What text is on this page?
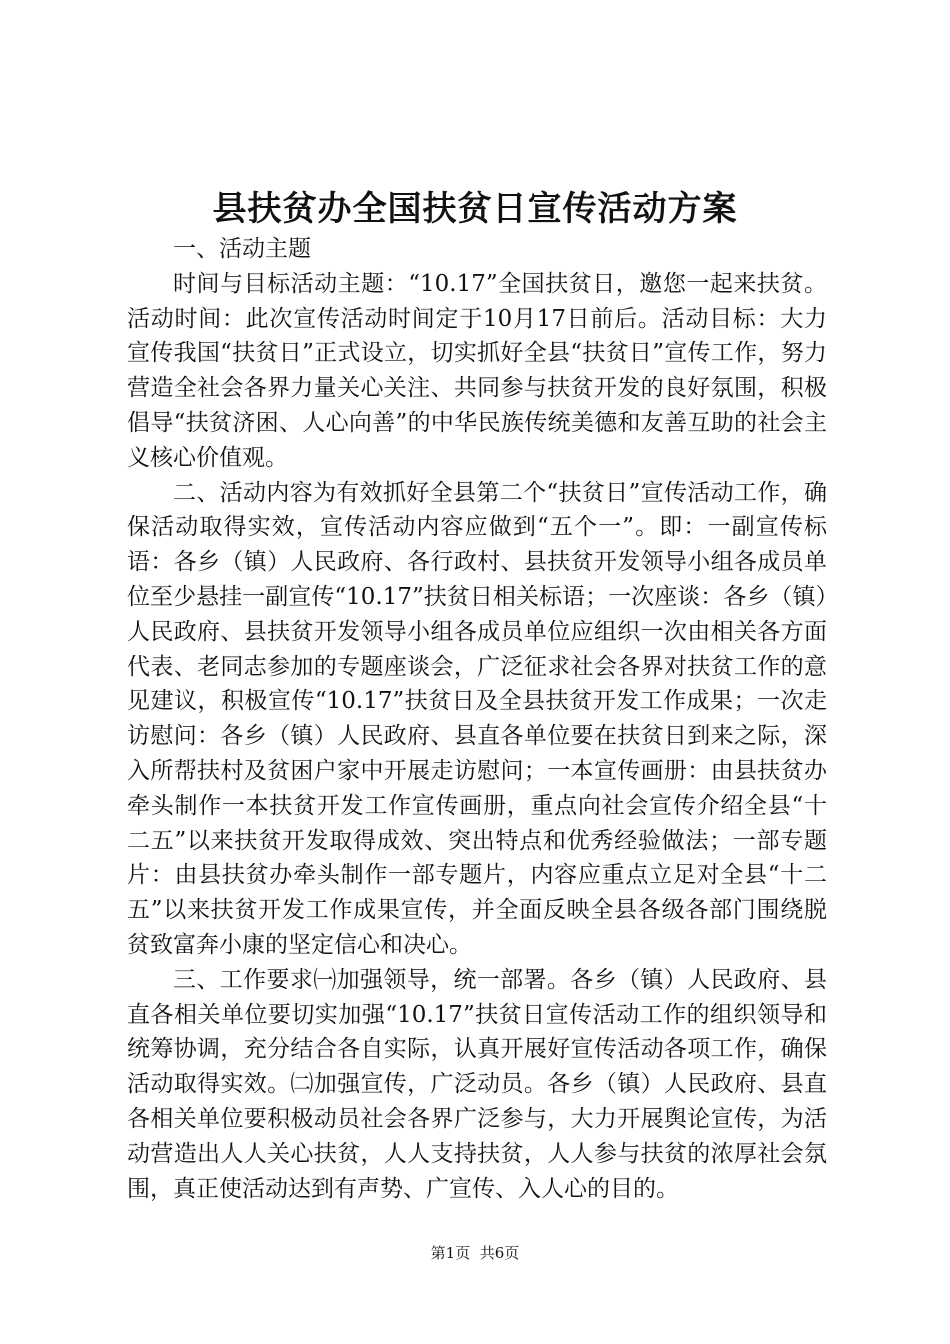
县扶贫办全国扶贫日宣传活动方案

一、活动主题

时间与目标活动主题：“10.17”全国扶贫日，邀您一起来扶贫。活动时间：此次宣传活动时间定于10月17日前后。活动目标：大力宣传我国“扶贫日”正式设立，切实抓好全县“扶贫日”宣传工作，努力营造全社会各界力量关心关注、共同参与扶贫开发的良好氛围，积极倡导“扶贫济困、人心向善”的中华民族传统美德和友善互助的社会主义核心价值观。

二、活动内容为有效抓好全县第二个“扶贫日”宣传活动工作，确保活动取得实效，宣传活动内容应做到“五个一”。即：一副宣传标语：各乡（镇）人民政府、各行政村、县扶贫开发领导小组各成员单位至少悬挂一副宣传“10.17”扶贫日相关标语；一次座谈：各乡（镇）人民政府、县扶贫开发领导小组各成员单位应组织一次由相关各方面代表、老同志参加的专题座谈会，广泛征求社会各界对扶贫工作的意见建议，积极宣传“10.17”扶贫日及全县扶贫开发工作成果；一次走访慰问：各乡（镇）人民政府、县直各单位要在扶贫日到来之际，深入所帮扶村及贫困户家中开展走访慰问；一本宣传画册：由县扶贫办牵头制作一本扶贫开发工作宣传画册，重点向社会宣传介绍全县“十二五”以来扶贫开发取得成效、突出特点和优秀经验做法；一部专题片：由县扶贫办牵头制作一部专题片，内容应重点立足对全县“十二五”以来扶贫开发工作成果宣传，并全面反映全县各级各部门围绕脱贫致富奔小康的坚定信心和决心。

三、工作要求㈠加强领导，统一部署。各乡（镇）人民政府、县直各相关单位要切实加强“10.17”扶贫日宣传活动工作的组织领导和统筹协调，充分结合各自实际，认真开展好宣传活动各项工作，确保活动取得实效。㈡加强宣传，广泛动员。各乡（镇）人民政府、县直各相关单位要积极动员社会各界广泛参与，大力开展舆论宣传，为活动营造出人人关心扶贫，人人支持扶贫，人人参与扶贫的浓厚社会氛围，真正使活动达到有声势、广宣传、入人心的目的。

第1页 共6页
